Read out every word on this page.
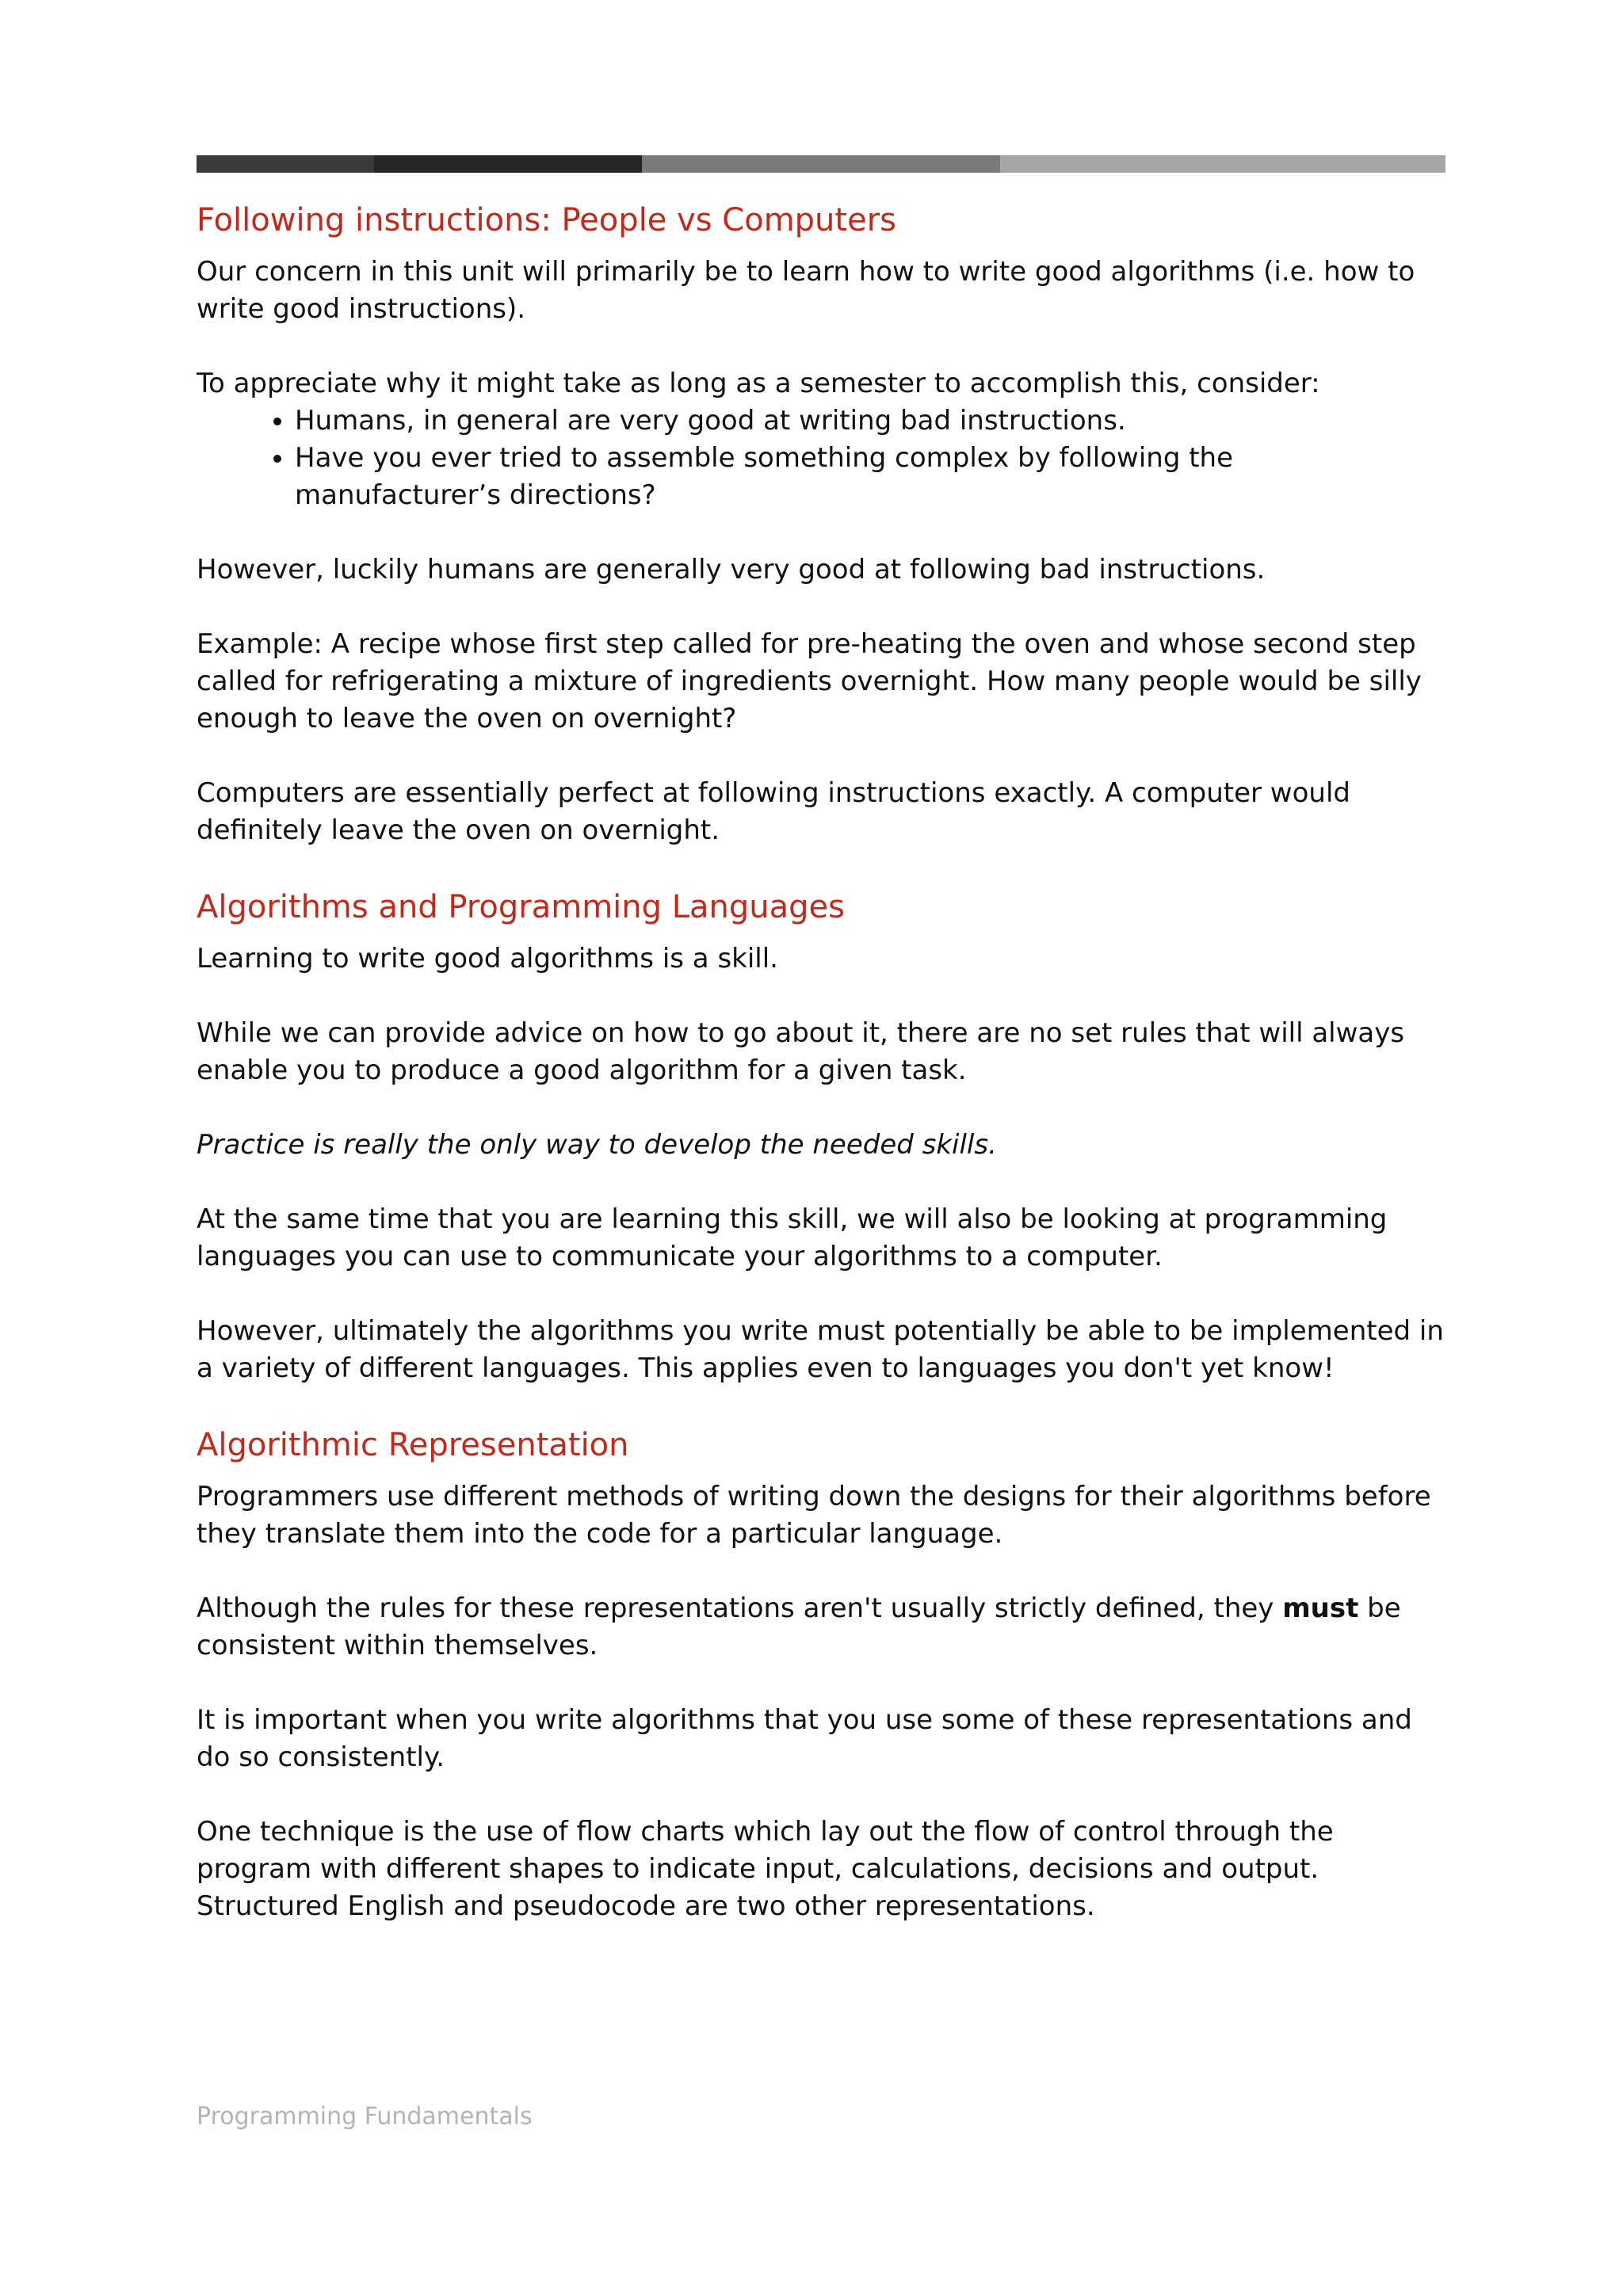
Following instructions: People vs Computers

Our concern in this unit will primarily be to learn how to write good algorithms (i.e. how to write good instructions).

To appreciate why it might take as long as a semester to accomplish this, consider:

• Humans, in general are very good at writing bad instructions.
• Have you ever tried to assemble something complex by following the manufacturer’s directions?

However, luckily humans are generally very good at following bad instructions.

Example: A recipe whose first step called for pre-heating the oven and whose second step called for refrigerating a mixture of ingredients overnight. How many people would be silly enough to leave the oven on overnight?

Computers are essentially perfect at following instructions exactly. A computer would definitely leave the oven on overnight.

Algorithms and Programming Languages

Learning to write good algorithms is a skill.

While we can provide advice on how to go about it, there are no set rules that will always enable you to produce a good algorithm for a given task.

Practice is really the only way to develop the needed skills.

At the same time that you are learning this skill, we will also be looking at programming languages you can use to communicate your algorithms to a computer.

However, ultimately the algorithms you write must potentially be able to be implemented in a variety of different languages. This applies even to languages you don't yet know!

Algorithmic Representation

Programmers use different methods of writing down the designs for their algorithms before they translate them into the code for a particular language.

Although the rules for these representations aren't usually strictly defined, they must be consistent within themselves.

It is important when you write algorithms that you use some of these representations and do so consistently.

One technique is the use of flow charts which lay out the flow of control through the program with different shapes to indicate input, calculations, decisions and output. Structured English and pseudocode are two other representations.

Programming Fundamentals
